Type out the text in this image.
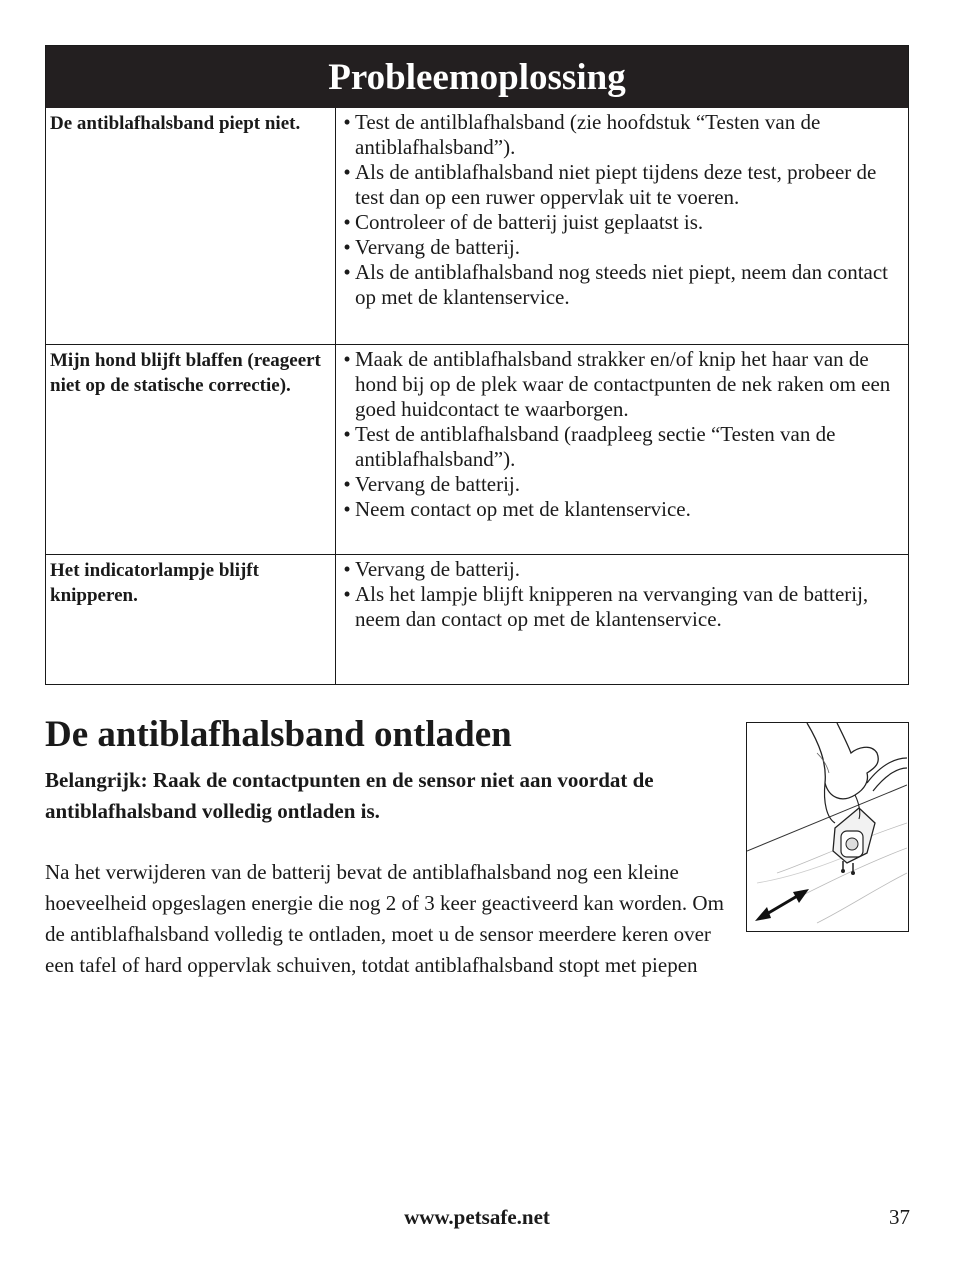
Probleemoplossing
De antiblafhalsband piept niet.	• Test de antilblafhalsband (zie hoofdstuk “Testen van de antiblafhalsband”).
• Als de antiblafhalsband niet piept tijdens deze test, probeer de test dan op een ruwer oppervlak uit te voeren.
• Controleer of de batterij juist geplaatst is.
• Vervang de batterij.
• Als de antiblafhalsband nog steeds niet piept, neem dan contact op met de klantenservice.
Mijn hond blijft blaffen (reageert niet op de statische correctie).
• Maak de antiblafhalsband strakker en/of knip het haar van de hond bij op de plek waar de contactpunten de nek raken om een goed huidcontact te waarborgen.
• Test de antiblafhalsband (raadpleeg sectie “Testen van de antiblafhalsband”).
• Vervang de batterij.
• Neem contact op met de klantenservice.
Het indicatorlampje blijft knipperen.
• Vervang de batterij.
• Als het lampje blijft knipperen na vervanging van de batterij, neem dan contact op met de klantenservice.
De antiblafhalsband ontladen

Belangrijk: Raak de contactpunten en de sensor niet aan voordat de antiblafhalsband volledig ontladen is.

Na het verwijderen van de batterij bevat de antiblafhalsband nog een kleine hoeveelheid opgeslagen energie die nog 2 of 3 keer geactiveerd kan worden. Om de antiblafhalsband volledig te ontladen, moet u de sensor meerdere keren over een tafel of hard oppervlak schuiven, totdat antiblafhalsband stopt met piepen
www.petsafe.net	37
